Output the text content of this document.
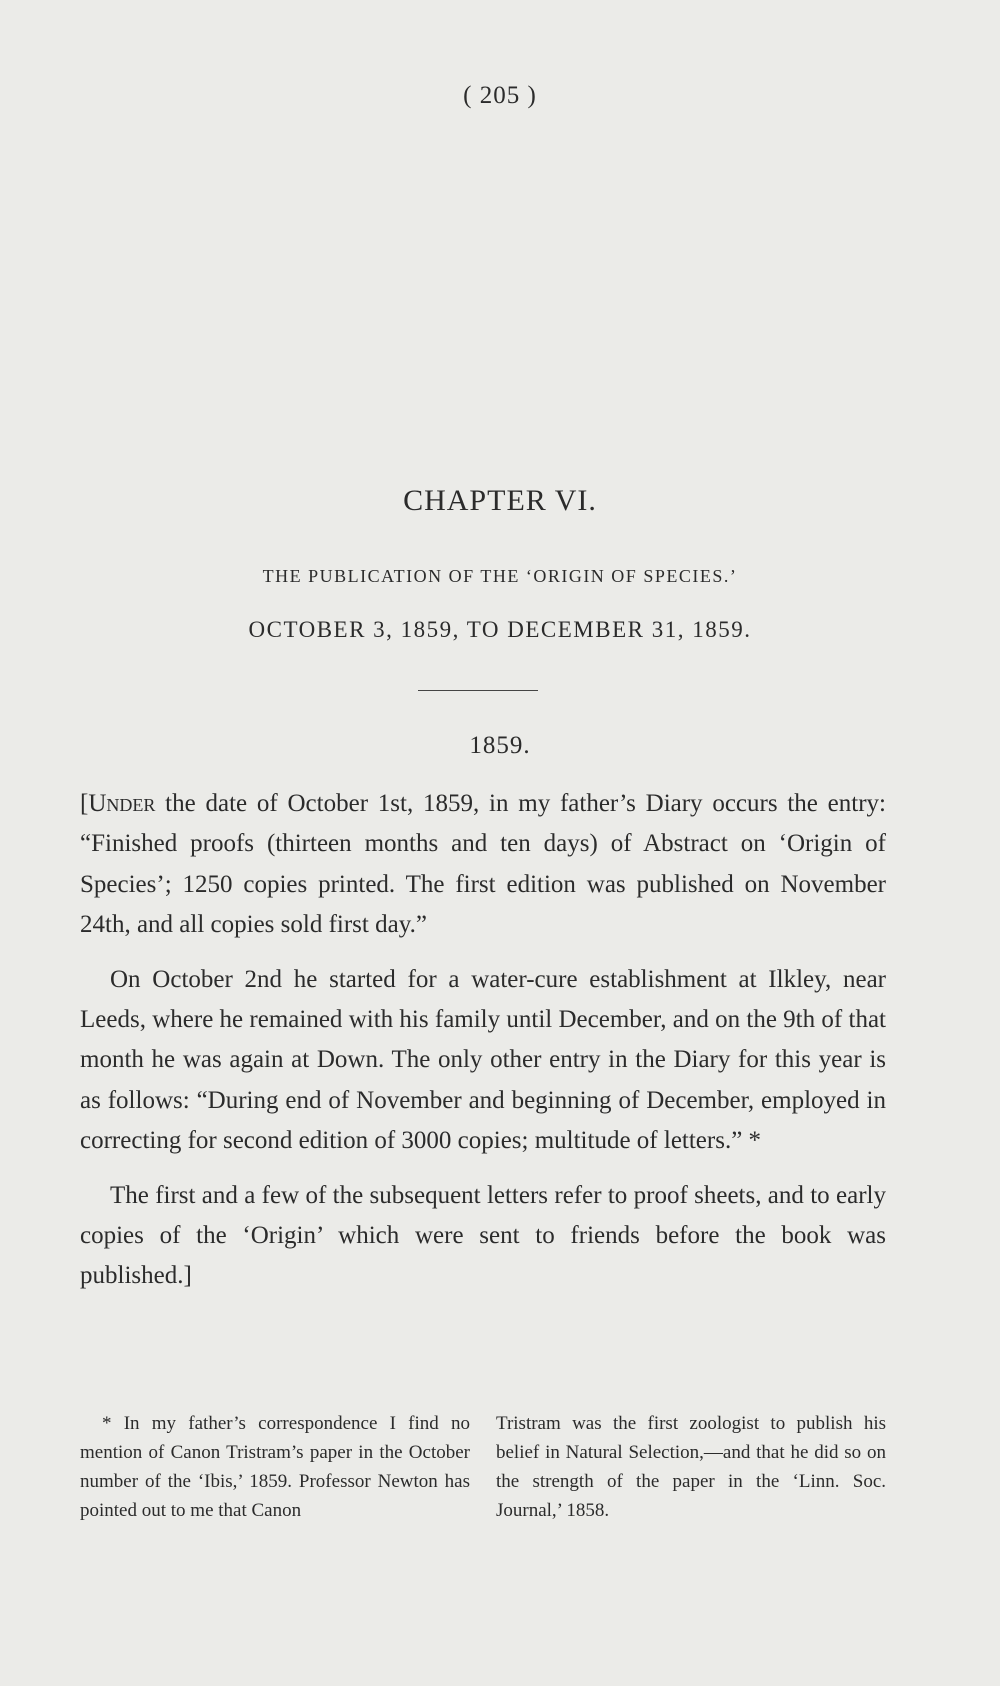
( 205 )
CHAPTER VI.
THE PUBLICATION OF THE ‘ORIGIN OF SPECIES.’
OCTOBER 3, 1859, TO DECEMBER 31, 1859.
1859.

[Under the date of October 1st, 1859, in my father’s Diary occurs the entry: “Finished proofs (thirteen months and ten days) of Abstract on ‘Origin of Species’; 1250 copies printed. The first edition was published on November 24th, and all copies sold first day.”

On October 2nd he started for a water-cure establishment at Ilkley, near Leeds, where he remained with his family until December, and on the 9th of that month he was again at Down. The only other entry in the Diary for this year is as follows: “During end of November and beginning of December, employed in correcting for second edition of 3000 copies; multitude of letters.” *

The first and a few of the subsequent letters refer to proof sheets, and to early copies of the ‘Origin’ which were sent to friends before the book was published.]

* In my father’s correspondence I find no mention of Canon Tristram’s paper in the October number of the ‘Ibis,’ 1859. Professor Newton has pointed out to me that Canon

Tristram was the first zoologist to publish his belief in Natural Selection,—and that he did so on the strength of the paper in the ‘Linn. Soc. Journal,’ 1858.
